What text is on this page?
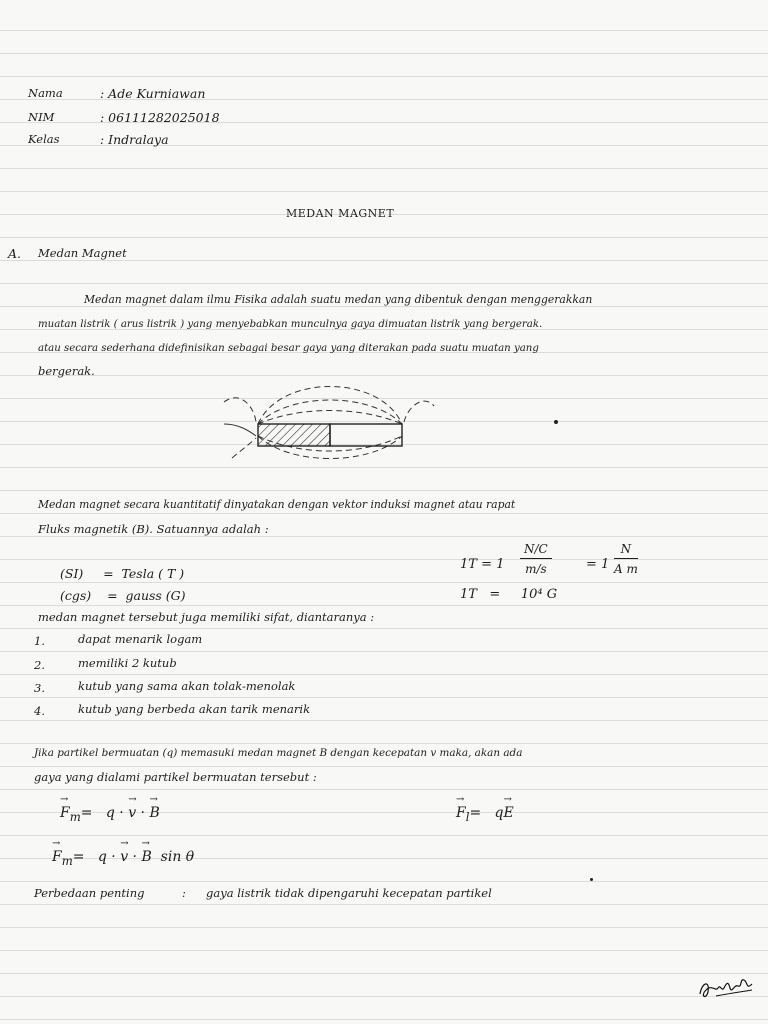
Nama	: Ade Kurniawan
NIM	: 06111282025018
Kelas	: Indralaya
MEDAN MAGNET
A. Medan Magnet
Medan magnet dalam ilmu Fisika adalah suatu medan yang dibentuk dengan menggerakkan
muatan listrik ( arus listrik ) yang menyebabkan munculnya gaya dimuatan listrik yang bergerak.
atau secara sederhana didefinisikan sebagai besar gaya yang diterakan pada suatu muatan yang
bergerak.
Medan magnet secara kuantitatif dinyatakan dengan vektor induksi magnet atau rapat
Fluks magnetik (B). Satuannya adalah :
(SI)     =  Tesla ( T )
(cgs)    =  gauss (G)
$1T = 1 \frac{N/C}{m/s}$	= $1 \frac{N}{\text{A m}}$
1T   =     10⁴ G
medan magnet tersebut juga memiliki sifat, diantaranya :
1.	dapat menarik logam
2.	memiliki 2 kutub
3.	kutub yang sama akan tolak-menolak
4.	kutub yang berbeda akan tarik menarik
Jika partikel bermuatan (q) memasuki medan magnet B dengan kecepatan v maka, akan ada
gaya yang dialami partikel bermuatan tersebut :
→ $F_m= q$ · → v · → B
→	$F_l= q\to E$
→ $F_m= q$ · → v · → B  sin θ
Perbedaan penting	: gaya listrik tidak dipengaruhi kecepatan partikel
